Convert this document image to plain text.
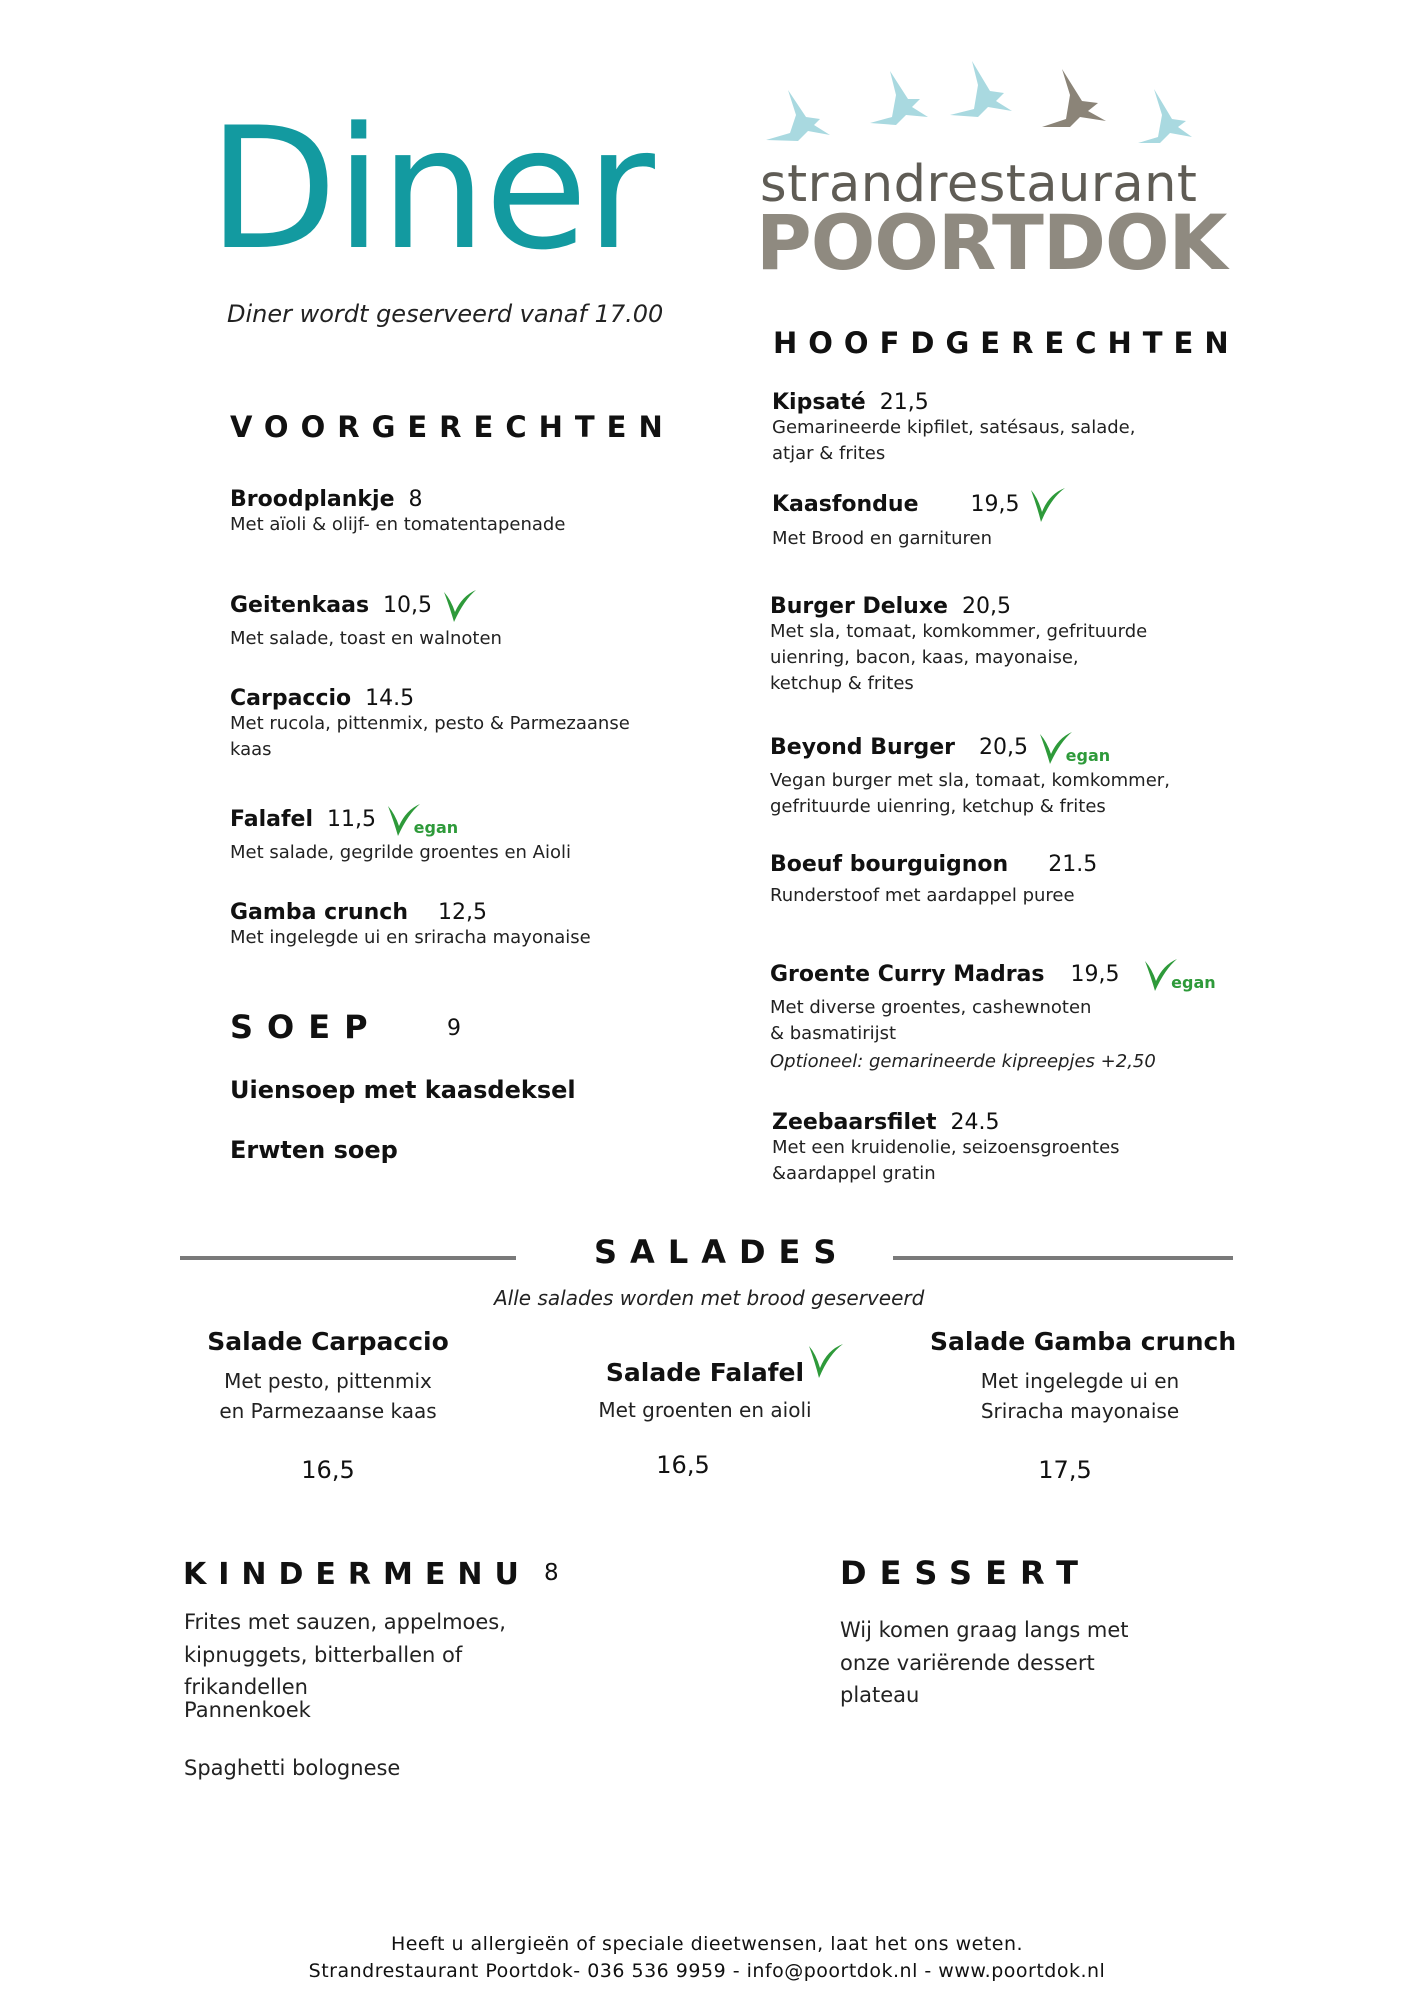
Diner
Diner wordt geserveerd vanaf 17.00
strandrestaurant
POORTDOK
VOORGERECHTEN
Broodplankje 8
Met aïoli & olijf- en tomatentapenade
Geitenkaas 10,5
Met salade, toast en walnoten
Carpaccio 14.5
Met rucola, pittenmix, pesto & Parmezaanse kaas
Falafel 11,5 egan
Met salade, gegrilde groentes en Aioli
Gamba crunch 12,5
Met ingelegde ui en sriracha mayonaise
SOEP	9
Uiensoep met kaasdeksel
Erwten soep
HOOFDGERECHTEN
Kipsaté 21,5
Gemarineerde kipfilet, satésaus, salade, atjar & frites
Kaasfondue 19,5
Met Brood en garnituren
Burger Deluxe 20,5
Met sla, tomaat, komkommer, gefrituurde uienring, bacon, kaas, mayonaise, ketchup & frites
Beyond Burger 20,5 egan
Vegan burger met sla, tomaat, komkommer, gefrituurde uienring, ketchup & frites
Boeuf bourguignon 21.5
Runderstoof met aardappel puree
Groente Curry Madras 19,5	egan
Met diverse groentes, cashewnoten & basmatirijst
Optioneel: gemarineerde kipreepjes +2,50
Zeebaarsfilet 24.5
Met een kruidenolie, seizoensgroentes &aardappel gratin
SALADES
Alle salades worden met brood geserveerd
Salade Carpaccio
Met pesto, pittenmix en Parmezaanse kaas
16,5
Salade Falafel
Met groenten en aioli
16,5
Salade Gamba crunch
Met ingelegde ui en Sriracha mayonaise
17,5
KINDERMENU 8
Frites met sauzen, appelmoes, kipnuggets, bitterballen of frikandellen
Pannenkoek
Spaghetti bolognese
DESSERT
Wij komen graag langs met onze variërende dessert plateau
Heeft u allergieën of speciale dieetwensen, laat het ons weten.
Strandrestaurant Poortdok- 036 536 9959 - info@poortdok.nl - www.poortdok.nl
